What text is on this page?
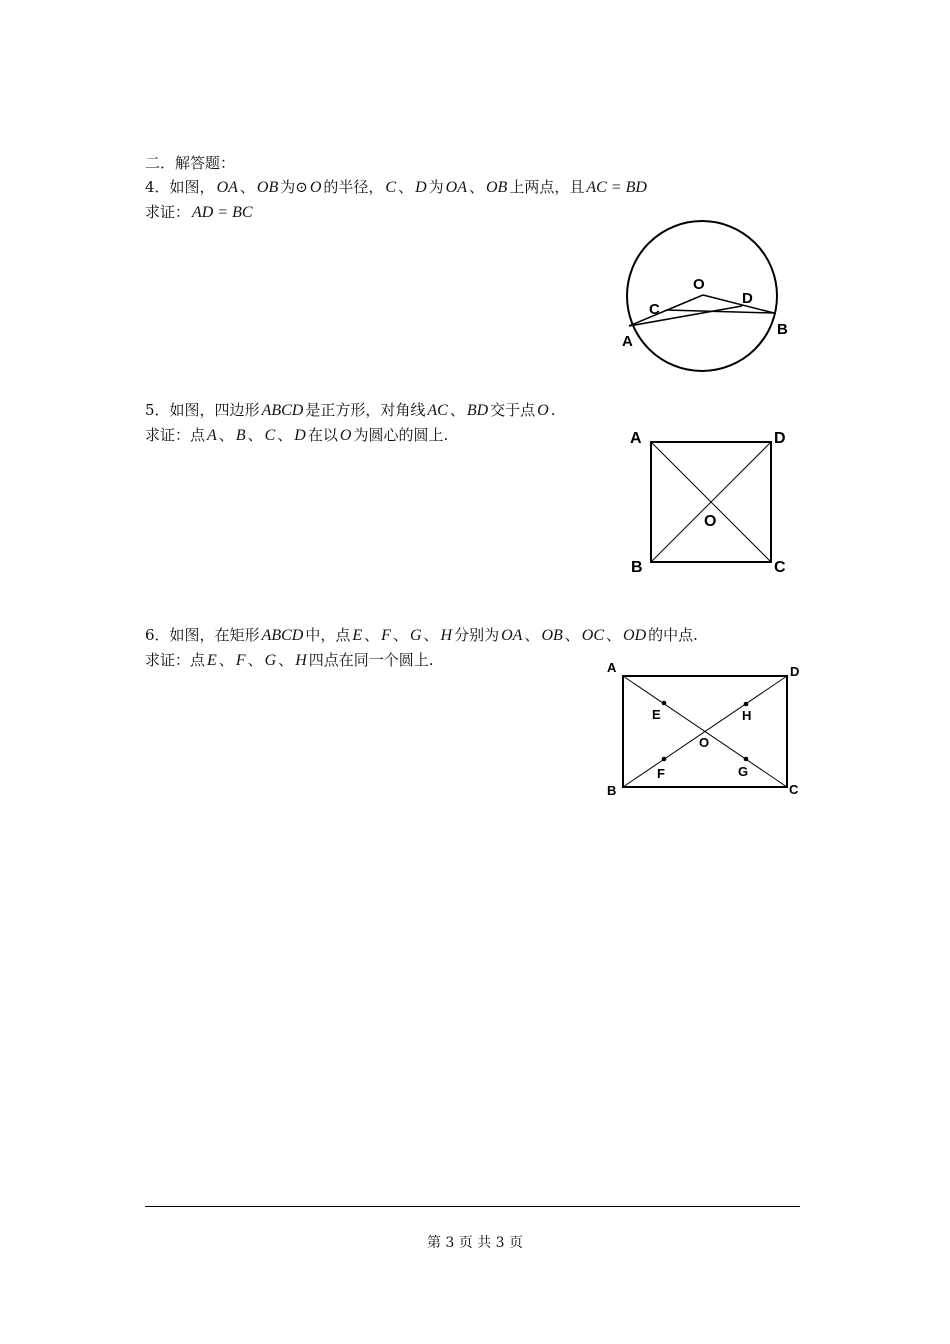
二．解答题：
4．如图， OA 、 OB 为⊙ O 的半径， C 、 D 为 OA 、 OB 上两点，且 AC = BD
求证： AD = BC
O
C
D
A
B
5．如图，四边形 ABCD 是正方形，对角线 AC 、 BD 交于点 O .
求证：点 A 、 B 、 C 、 D 在以 O 为圆心的圆上.	A	D
O
B	C
6．如图，在矩形 ABCD 中，点 E 、 F 、 G 、 H 分别为 OA 、 OB 、 OC 、 OD 的中点.
求证：点 E 、 F 、 G 、 H 四点在同一个圆上.	A	D
E	H
O
F	G
B	C
第 3 页 共 3 页
